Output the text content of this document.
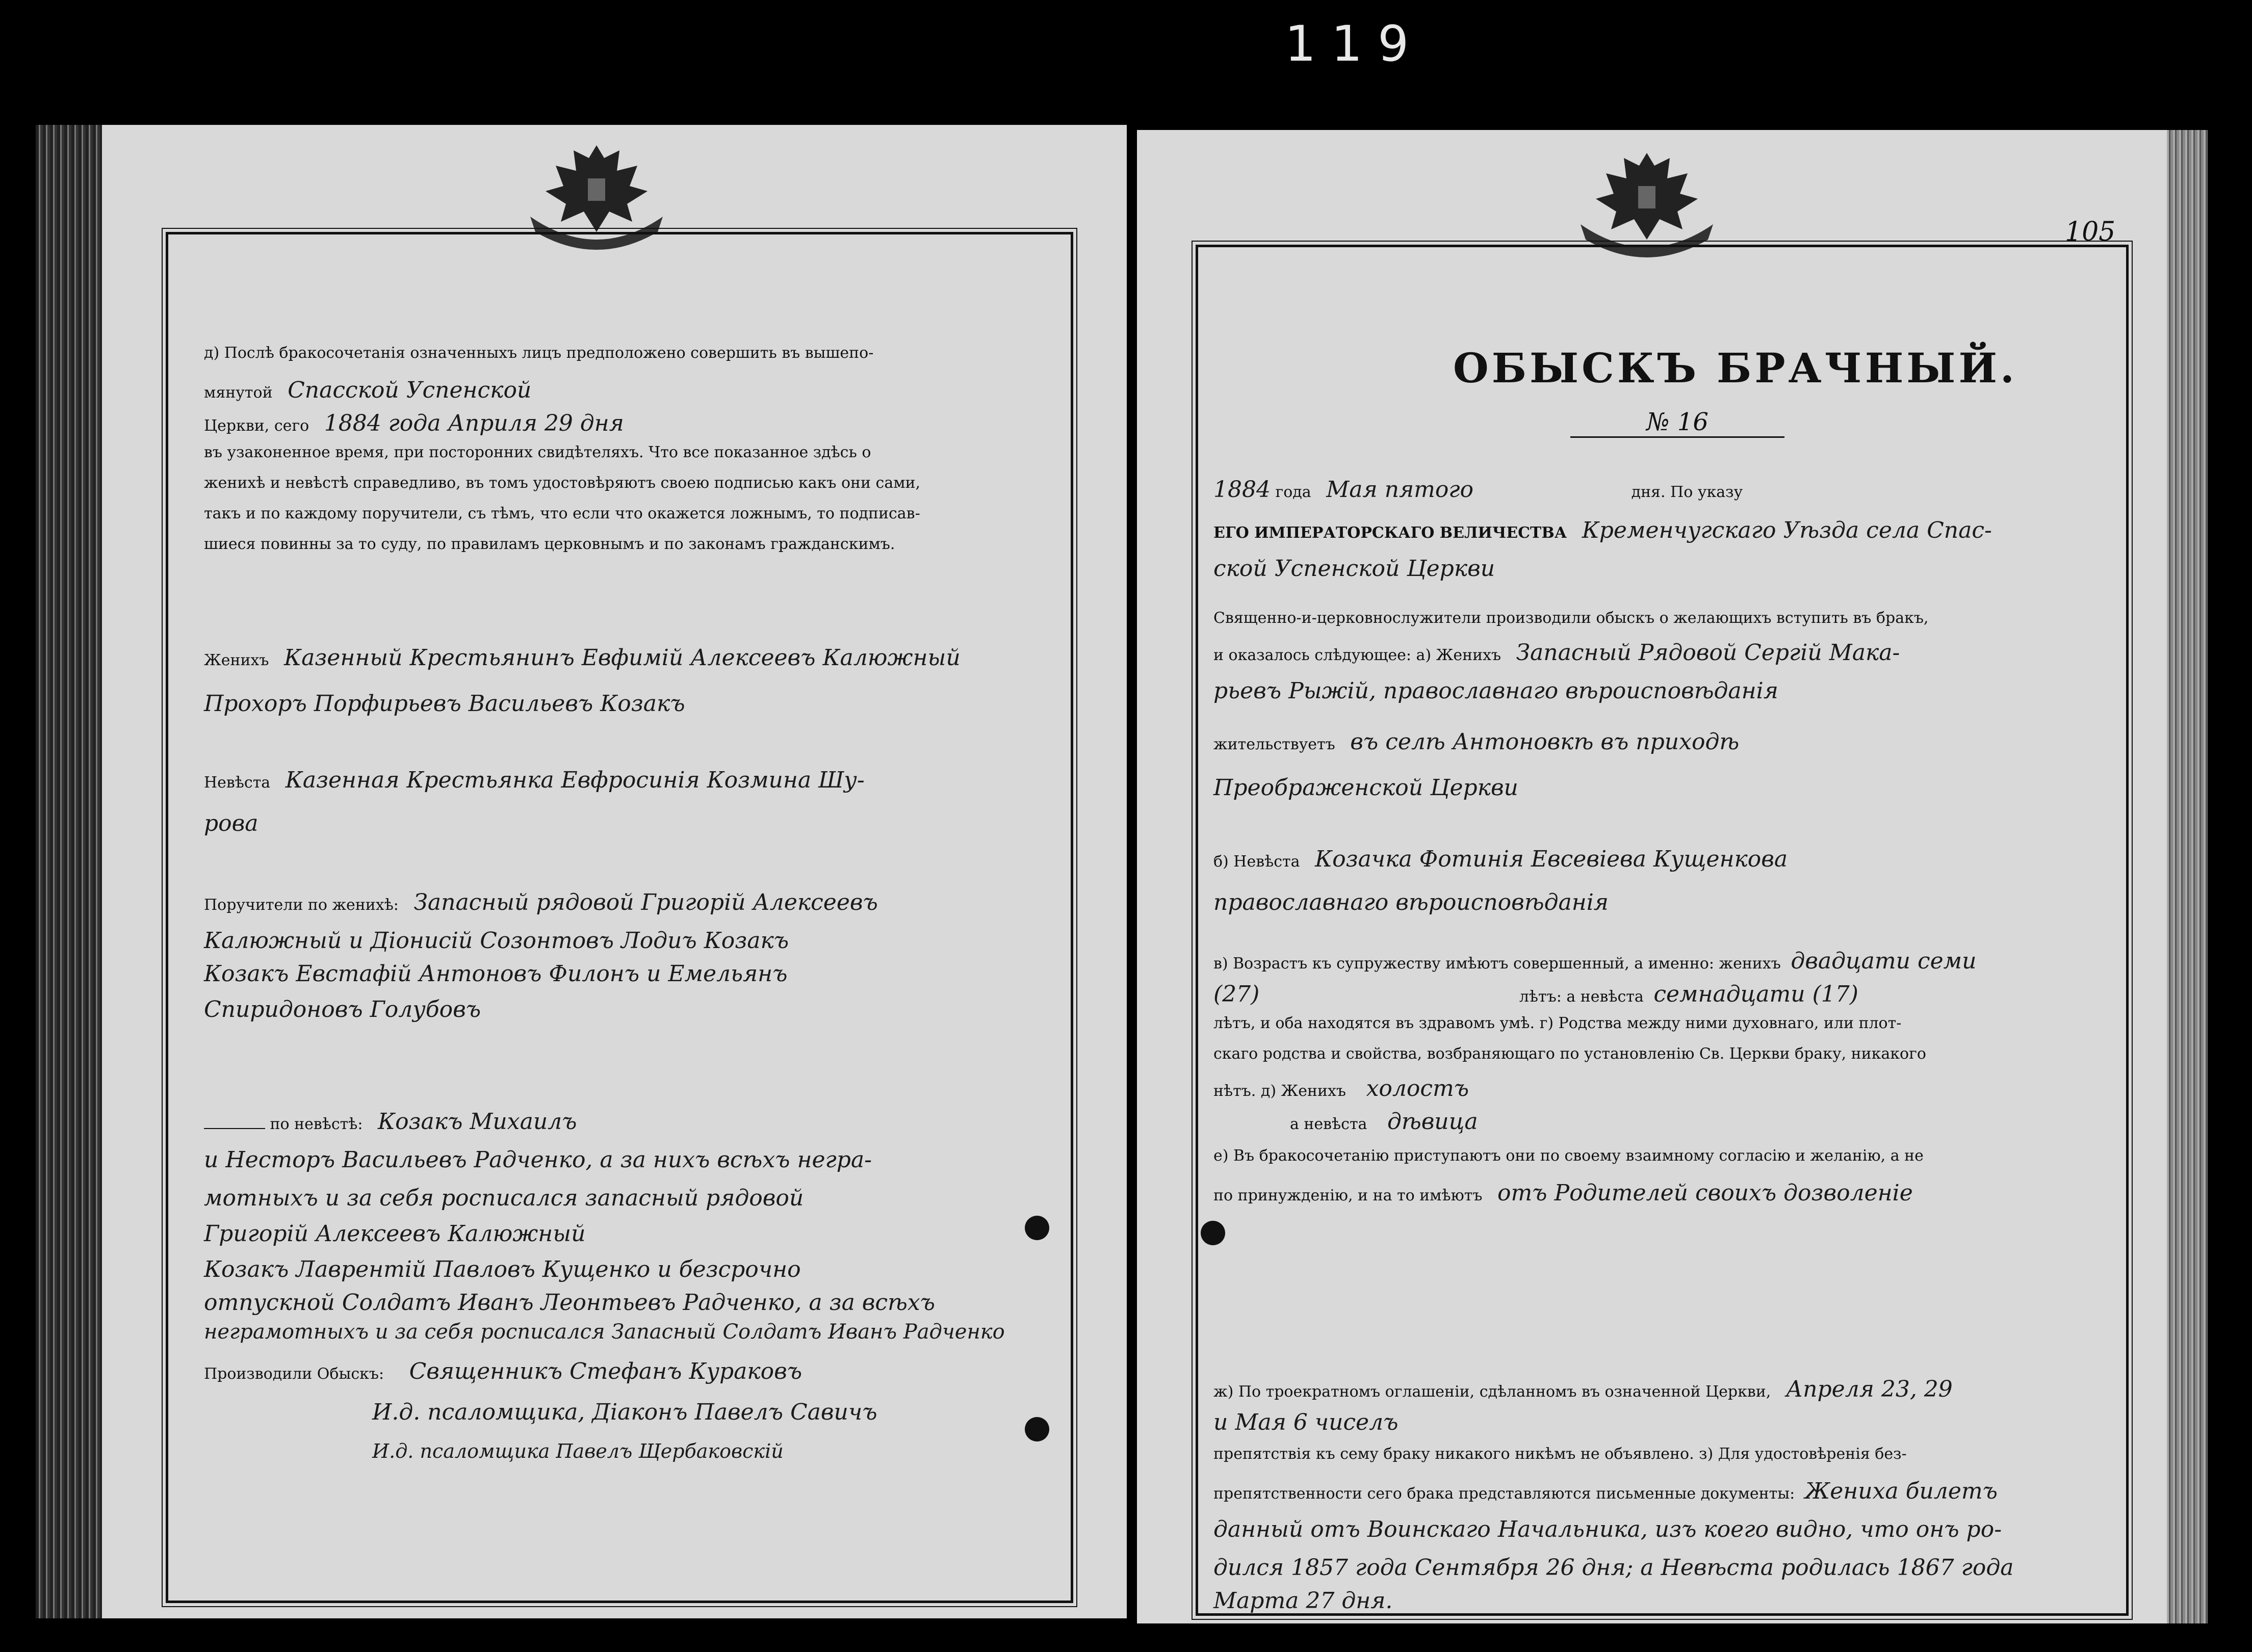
119
д) Послѣ бракосочетанія означенныхъ лицъ предположено совершить въ вышепо-
мянутой Спасской Успенской
Церкви, сего 1884 года Априля 29 дня
въ узаконенное время, при посторонних свидѣтеляхъ. Что все показанное здѣсь о
женихѣ и невѣстѣ справедливо, въ томъ удостовѣряютъ своею подписью какъ они сами,
такъ и по каждому поручители, съ тѣмъ, что если что окажется ложнымъ, то подписав-
шиеся повинны за то суду, по правиламъ церковнымъ и по законамъ гражданскимъ.
Женихъ Казенный Крестьянинъ Евфимій Алексеевъ Калюжный
Прохоръ Порфирьевъ Васильевъ Козакъ
Невѣста Казенная Крестьянка Евфросинія Козмина Шу-
рова
Поручители по женихѣ: Запасный рядовой Григорій Алексеевъ
Калюжный и Діонисій Созонтовъ Лодиъ Козакъ
Козакъ Евстафій Антоновъ Филонъ и Емельянъ
Спиридоновъ Голубовъ
по невѣстѣ: Козакъ Михаилъ
и Несторъ Васильевъ Радченко, а за нихъ всѣхъ негра-
мотныхъ и за себя росписался запасный рядовой
Григорій Алексеевъ Калюжный
Козакъ Лаврентій Павловъ Кущенко и безсрочно
отпускной Солдатъ Иванъ Леонтьевъ Радченко, а за всѣхъ
неграмотныхъ и за себя росписался Запасный Солдатъ Иванъ Радченко
Производили Обыскъ: Священникъ Стефанъ Кураковъ
И.д. псаломщика, Діаконъ Павелъ Савичъ
И.д. псаломщика Павелъ Щербаковскій
105
ОБЫСКЪ БРАЧНЫЙ.
№ 16
1884 года Мая пятого	дня. По указу
ЕГО ИМПЕРАТОРСКАГО ВЕЛИЧЕСТВА Кременчугскаго Уѣзда села Спас-
ской Успенской Церкви
Священно-и-церковнослужители производили обыскъ о желающихъ вступить въ бракъ,
и оказалось слѣдующее: а) Женихъ Запасный Рядовой Сергій Мака-
рьевъ Рыжій, православнаго вѣроисповѣданія
жительствуетъ въ селѣ Антоновкѣ въ приходѣ
Преображенской Церкви
б) Невѣста Козачка Фотинія Евсевіева Кущенкова
православнаго вѣроисповѣданія
в) Возрастъ къ супружеству имѣютъ совершенный, а именно: женихъ двадцати семи
(27)	лѣтъ: а невѣста семнадцати (17)
лѣтъ, и оба находятся въ здравомъ умѣ. г) Родства между ними духовнаго, или плот-
скаго родства и свойства, возбраняющаго по установленію Св. Церкви браку, никакого
нѣтъ. д) Женихъ холостъ
а невѣста дѣвица
е) Въ бракосочетанію приступаютъ они по своему взаимному согласію и желанію, а не
по принужденію, и на то имѣютъ отъ Родителей своихъ дозволеніе
ж) По троекратномъ оглашеніи, сдѣланномъ въ означенной Церкви, Апреля 23, 29
и Мая 6 чиселъ
препятствія къ сему браку никакого никѣмъ не объявлено. з) Для удостовѣренія без-
препятственности сего брака представляются письменные документы: Жениха билетъ
данный отъ Воинскаго Начальника, изъ коего видно, что онъ ро-
дился 1857 года Сентября 26 дня; а Невѣста родилась 1867 года
Марта 27 дня.
